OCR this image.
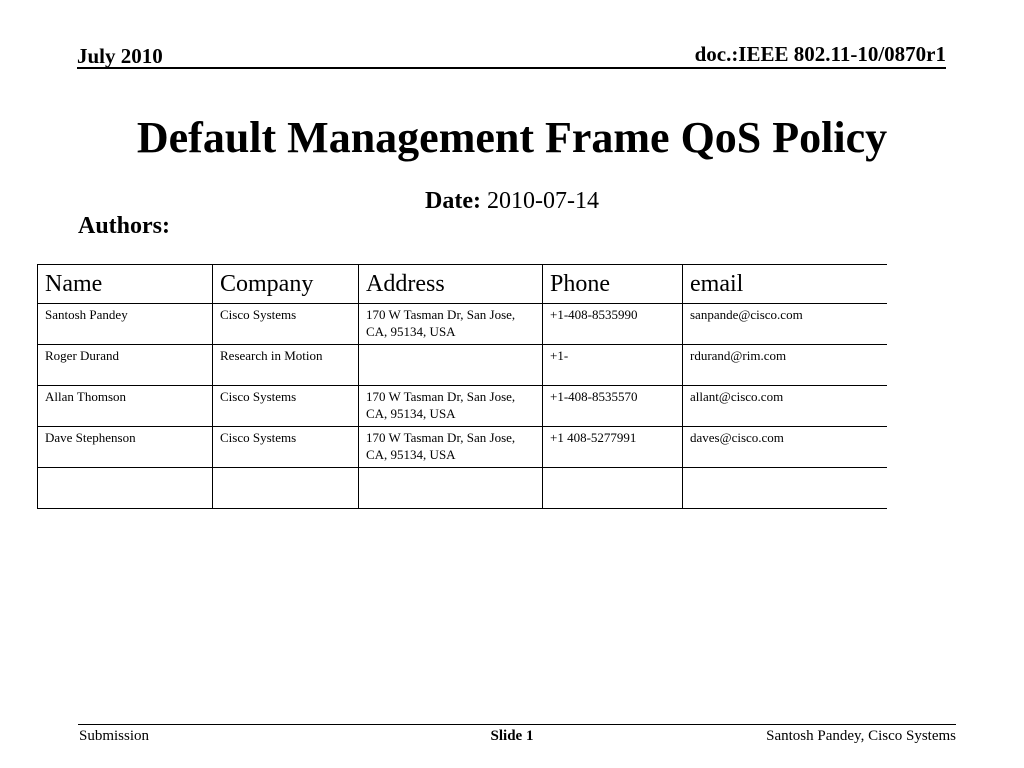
July 2010	doc.:IEEE 802.11-10/0870r1
Default Management Frame QoS Policy
Date: 2010-07-14
Authors:
Name	Company	Address	Phone	email
Santosh Pandey	Cisco Systems	170 W Tasman Dr, San Jose, CA, 95134, USA	+1-408-8535990	sanpande@cisco.com
Roger Durand	Research in Motion		+1-	rdurand@rim.com
Allan Thomson	Cisco Systems	170 W Tasman Dr, San Jose, CA, 95134, USA	+1-408-8535570	allant@cisco.com
Dave Stephenson	Cisco Systems	170 W Tasman Dr, San Jose, CA, 95134, USA	+1 408-5277991	daves@cisco.com

Submission	Slide 1	Santosh Pandey, Cisco Systems
